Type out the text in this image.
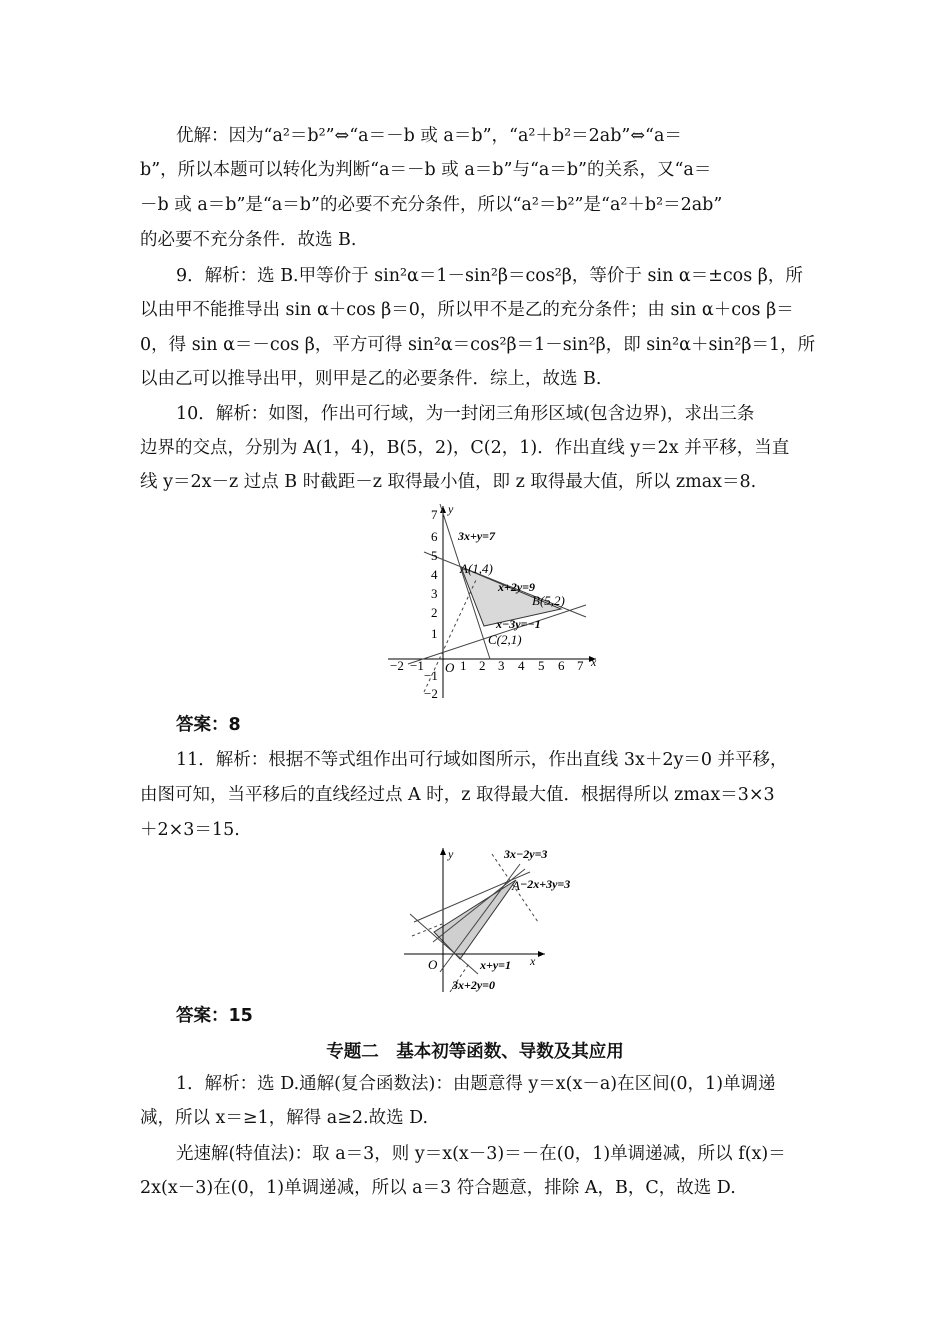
优解：因为“a²＝b²”⇔“a＝－b 或 a＝b”，“a²＋b²＝2ab”⇔“a＝
b”，所以本题可以转化为判断“a＝－b 或 a＝b”与“a＝b”的关系，又“a＝
－b 或 a＝b”是“a＝b”的必要不充分条件，所以“a²＝b²”是“a²＋b²＝2ab”
的必要不充分条件．故选 B.
9．解析：选 B.甲等价于 sin²α＝1－sin²β＝cos²β，等价于 sin α＝±cos β，所
以由甲不能推导出 sin α＋cos β＝0，所以甲不是乙的充分条件；由 sin α＋cos β＝
0，得 sin α＝－cos β，平方可得 sin²α＝cos²β＝1－sin²β，即 sin²α＋sin²β＝1，所
以由乙可以推导出甲，则甲是乙的必要条件．综上，故选 B.
10．解析：如图，作出可行域，为一封闭三角形区域(包含边界)，求出三条
边界的交点，分别为 A(1，4)，B(5，2)，C(2，1)．作出直线 y＝2x 并平移，当直
线 y＝2x－z 过点 B 时截距－z 取得最小值，即 z 取得最大值，所以 zmax＝8.
y
x
O
7
6
5
4
3
2
1
−1
−2
−2 −1	1 2 3 4 5 6 7
3x+y=7
A(1,4)
x+2y=9
B(5,2)
x−3y=−1
C(2,1)
答案：8
11．解析：根据不等式组作出可行域如图所示，作出直线 3x＋2y＝0 并平移，
由图可知，当平移后的直线经过点 A 时，z 取得最大值．根据得所以 zmax＝3×3
＋2×3＝15.
y
x
O
3x−2y=3
A −2x+3y=3
x+y=1
3x+2y=0
答案：15
专题二　基本初等函数、导数及其应用
1．解析：选 D.通解(复合函数法)：由题意得 y＝x(x－a)在区间(0，1)单调递
减，所以 x＝≥1，解得 a≥2.故选 D.
光速解(特值法)：取 a＝3，则 y＝x(x－3)＝－在(0，1)单调递减，所以 f(x)＝
2x(x－3)在(0，1)单调递减，所以 a＝3 符合题意，排除 A，B，C，故选 D.
